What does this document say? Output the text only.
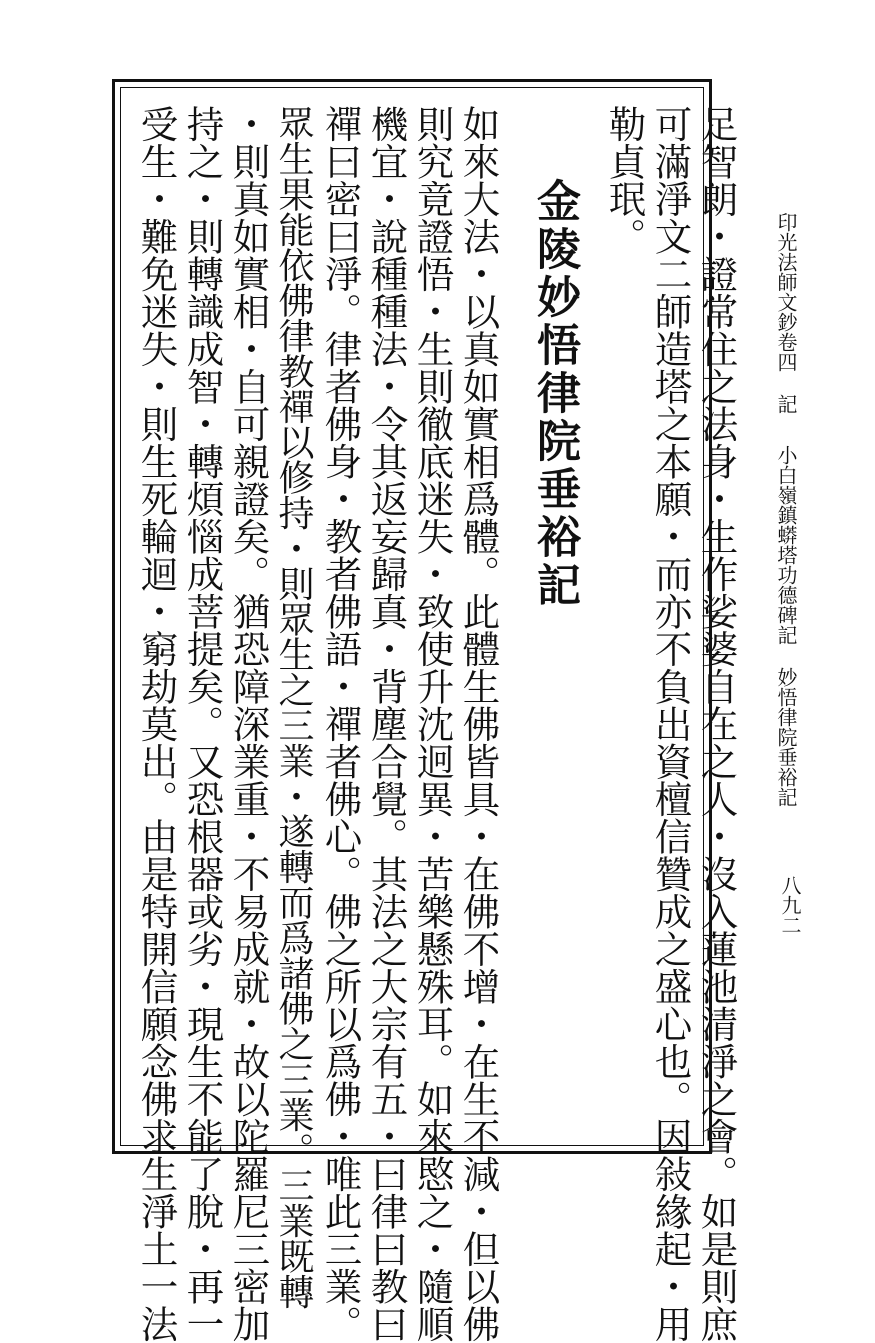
印光法師文鈔卷四記
小白嶺鎮蟒塔功德碑記妙悟律院垂裕記
八九二
足智朗・證常住之法身・生作娑婆自在之人・沒入蓮池清淨之會。如是則庶
可滿淨文二師造塔之本願・而亦不負出資檀信贊成之盛心也。因敍緣起・用
勒貞珉。
金陵妙悟律院垂裕記
如來大法・以真如實相爲體。此體生佛皆具・在佛不增・在生不減・但以佛
則究竟證悟・生則徹底迷失・致使升沈迥異・苦樂懸殊耳。如來愍之・隨順
機宜・說種種法・令其返妄歸真・背塵合覺。其法之大宗有五・曰律曰教曰
禪曰密曰淨。律者佛身・教者佛語・禪者佛心。佛之所以爲佛・唯此三業。
眾生果能依佛律教禪以修持・則眾生之三業・遂轉而爲諸佛之三業。三業既轉
・則真如實相・自可親證矣。猶恐障深業重・不易成就・故以陀羅尼三密加
持之・則轉識成智・轉煩惱成菩提矣。又恐根器或劣・現生不能了脫・再一
受生・難免迷失・則生死輪迴・窮劫莫出。由是特開信願念佛求生淨土一法
